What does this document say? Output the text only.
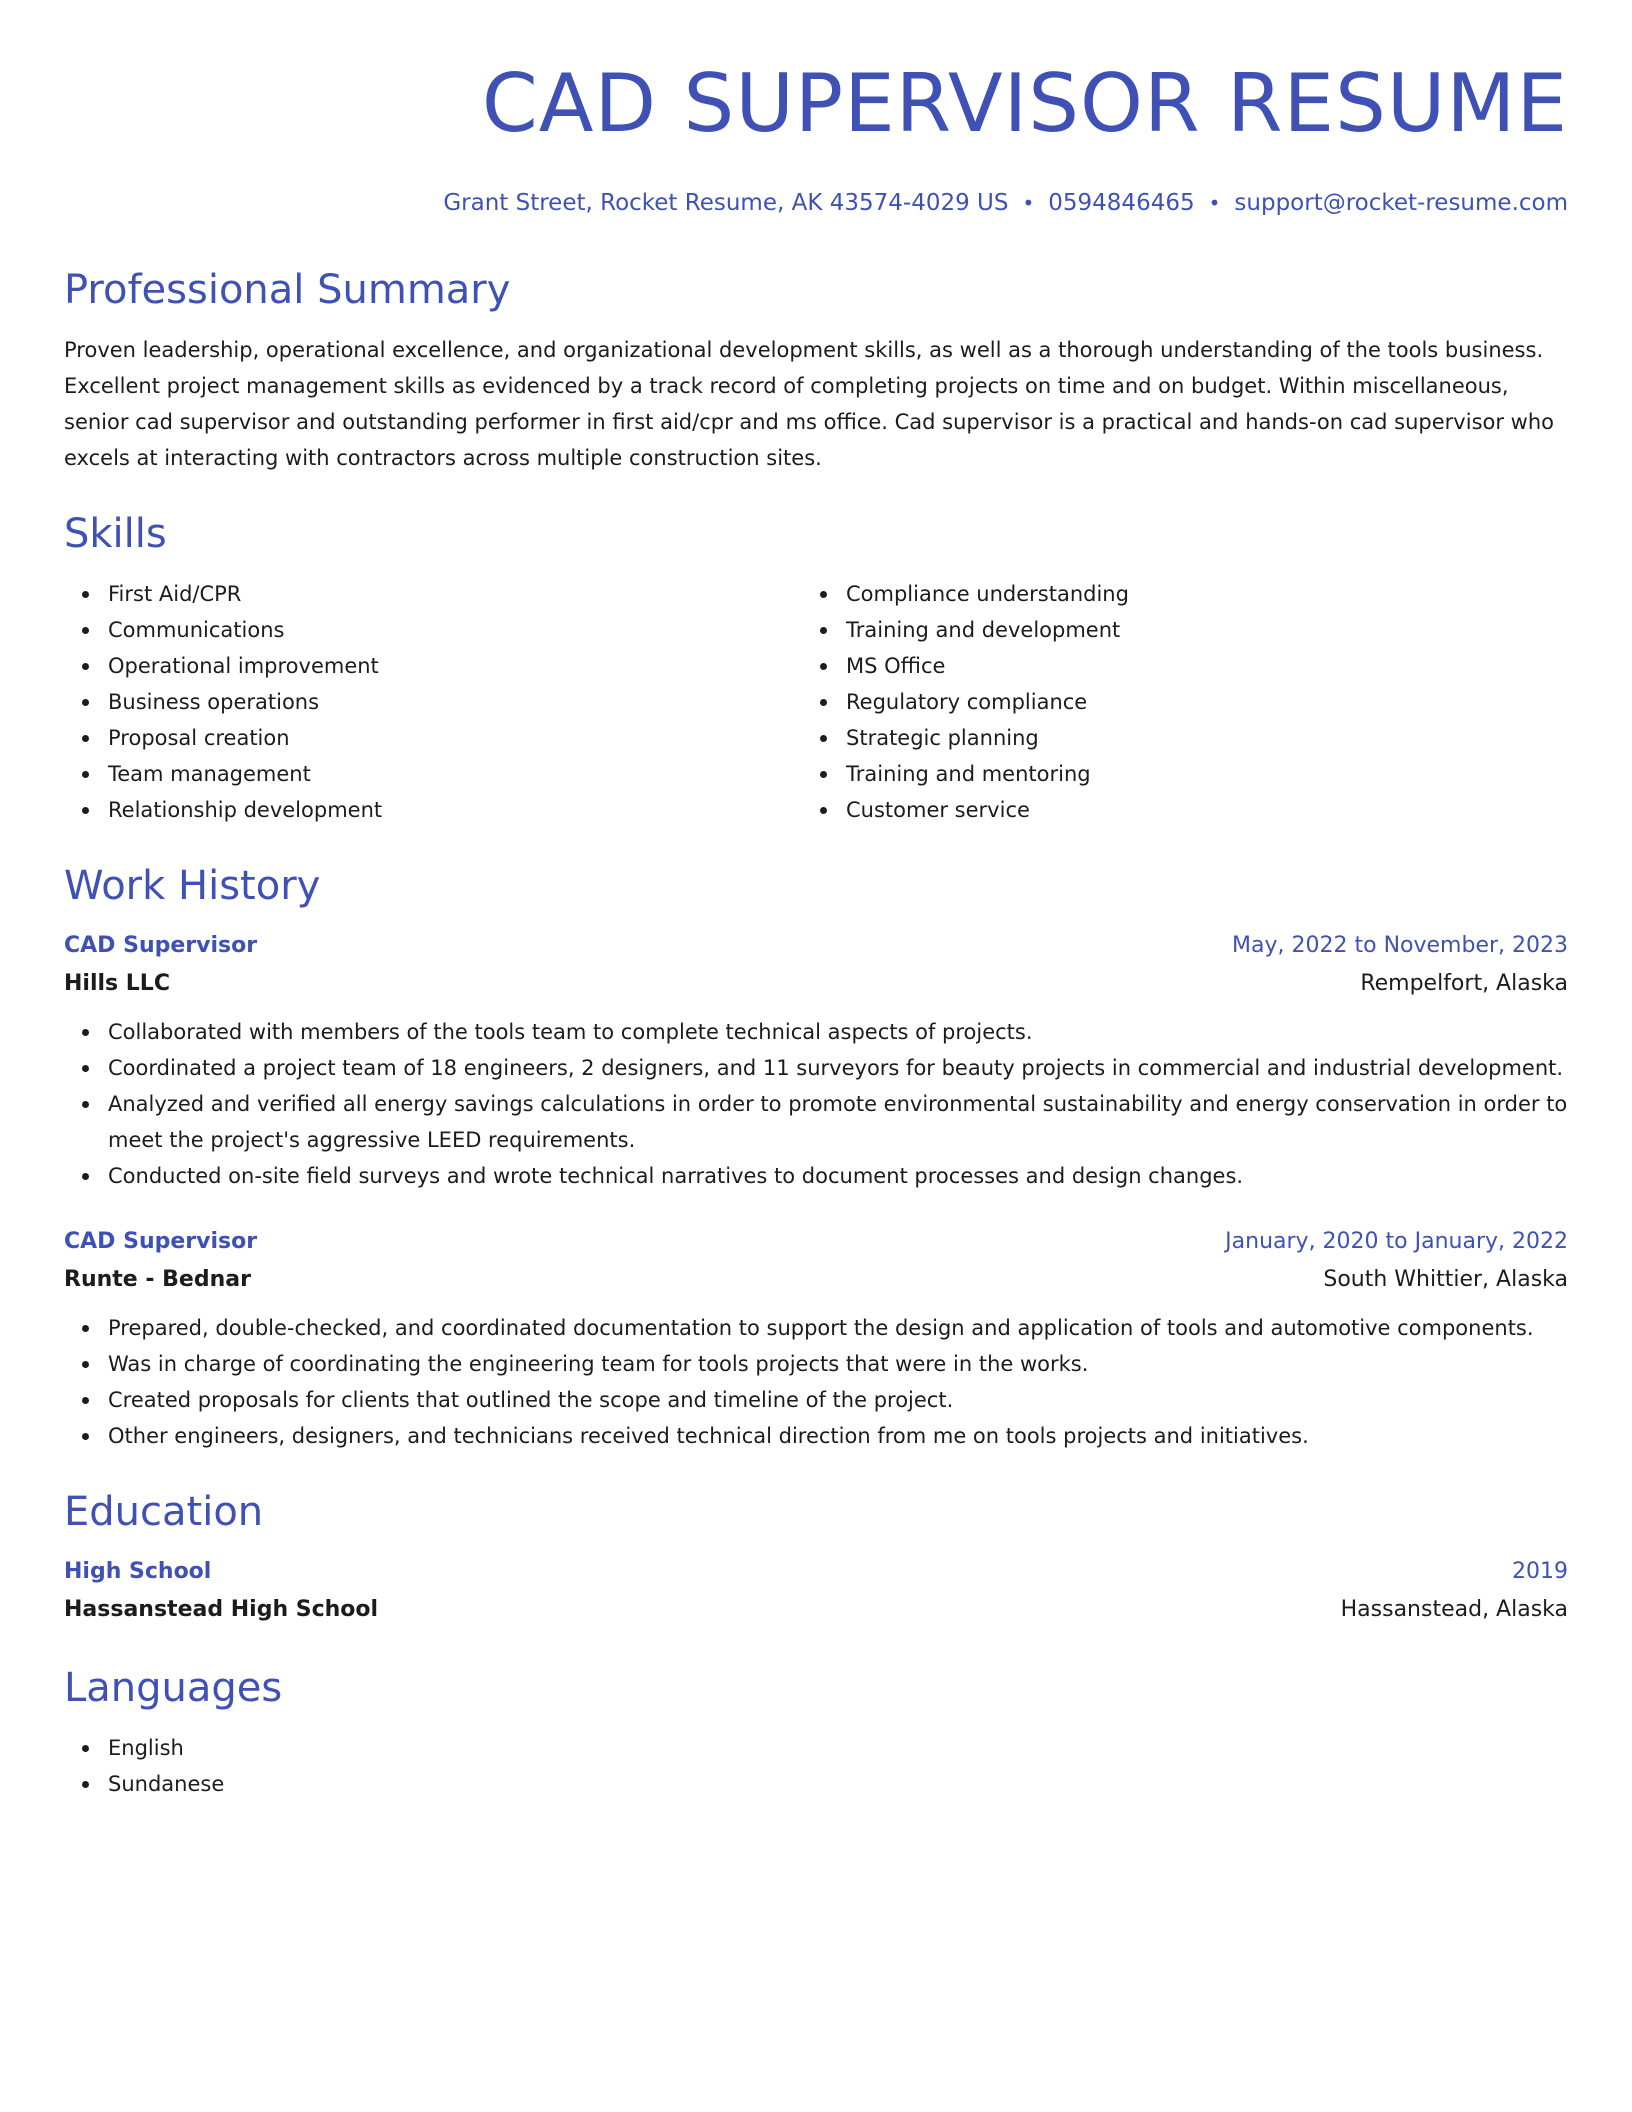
CAD SUPERVISOR RESUME
Grant Street, Rocket Resume, AK 43574-4029 US • 0594846465 • support@rocket-resume.com
Professional Summary

Proven leadership, operational excellence, and organizational development skills, as well as a thorough understanding of the tools business. Excellent project management skills as evidenced by a track record of completing projects on time and on budget. Within miscellaneous, senior cad supervisor and outstanding performer in first aid/cpr and ms office. Cad supervisor is a practical and hands-on cad supervisor who excels at interacting with contractors across multiple construction sites.

Skills
First Aid/CPR
Communications
Operational improvement
Business operations
Proposal creation
Team management
Relationship development
Compliance understanding
Training and development
MS Office
Regulatory compliance
Strategic planning
Training and mentoring
Customer service
Work History
CAD Supervisor	May, 2022 to November, 2023
Hills LLC	Rempelfort, Alaska
Collaborated with members of the tools team to complete technical aspects of projects.
Coordinated a project team of 18 engineers, 2 designers, and 11 surveyors for beauty projects in commercial and industrial development.
Analyzed and verified all energy savings calculations in order to promote environmental sustainability and energy conservation in order to meet the project's aggressive LEED requirements.
Conducted on-site field surveys and wrote technical narratives to document processes and design changes.
CAD Supervisor	January, 2020 to January, 2022
Runte - Bednar	South Whittier, Alaska
Prepared, double-checked, and coordinated documentation to support the design and application of tools and automotive components.
Was in charge of coordinating the engineering team for tools projects that were in the works.
Created proposals for clients that outlined the scope and timeline of the project.
Other engineers, designers, and technicians received technical direction from me on tools projects and initiatives.
Education
High School	2019
Hassanstead High School	Hassanstead, Alaska
Languages
English
Sundanese
